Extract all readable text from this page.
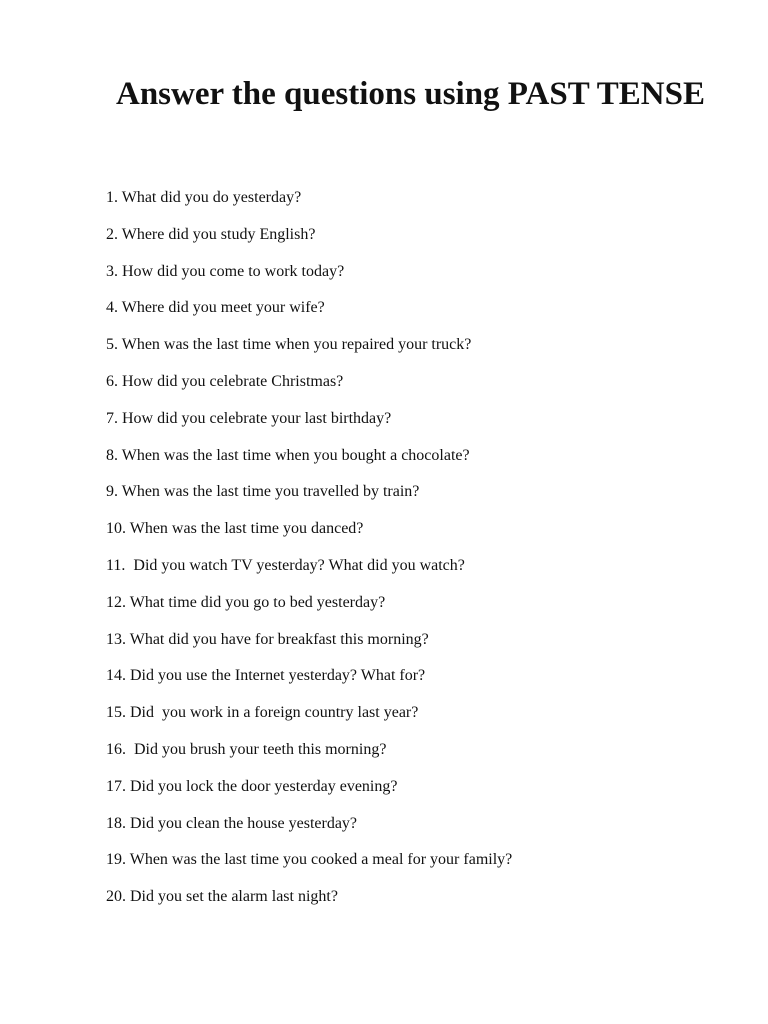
Answer the questions using PAST TENSE
1. What did you do yesterday?
2. Where did you study English?
3. How did you come to work today?
4. Where did you meet your wife?
5. When was the last time when you repaired your truck?
6. How did you celebrate Christmas?
7. How did you celebrate your last birthday?
8. When was the last time when you bought a chocolate?
9. When was the last time you travelled by train?
10. When was the last time you danced?
11.  Did you watch TV yesterday? What did you watch?
12. What time did you go to bed yesterday?
13. What did you have for breakfast this morning?
14. Did you use the Internet yesterday? What for?
15. Did  you work in a foreign country last year?
16.  Did you brush your teeth this morning?
17. Did you lock the door yesterday evening?
18. Did you clean the house yesterday?
19. When was the last time you cooked a meal for your family?
20. Did you set the alarm last night?
